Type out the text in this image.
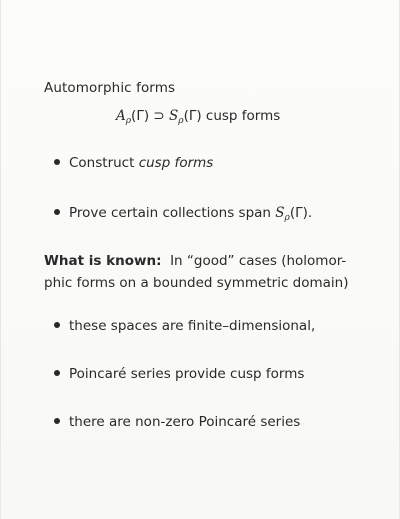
Automorphic forms
$A_\rho(\Gamma)$ ⊃ $S_\rho(\Gamma)$ cusp forms
Construct cusp forms
Prove certain collections span $S_\rho(\Gamma)$.
What is known: In “good” cases (holomor-
phic forms on a bounded symmetric domain)
these spaces are finite–dimensional,
Poincaré series provide cusp forms
there are non-zero Poincaré series
